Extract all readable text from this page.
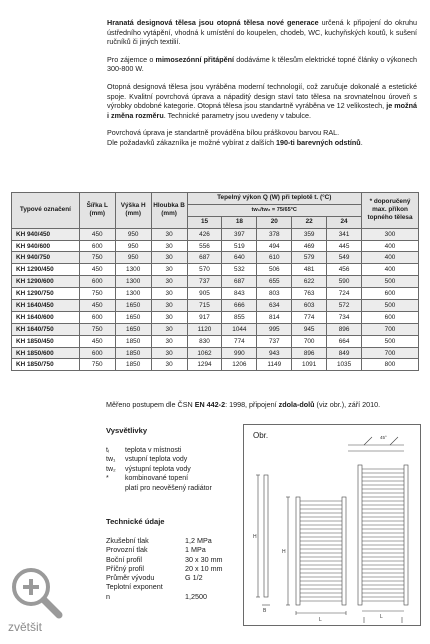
Hranatá designová tělesa jsou otopná tělesa nové generace určená k připojení do okruhu ústředního vytápění, vhodná k umístění do koupelen, chodeb, WC, kuchyňských koutů, k sušení ručníků či jiných textilií.

Pro zájemce o mimosezónní přitápění dodáváme k tělesům elektrické topné články o výkonech 300-800 W.

Otopná designová tělesa jsou vyráběna moderní technologií, což zaručuje dokonalé a estetické spoje. Kvalitní povrchová úprava a nápaditý design staví tato tělesa na srovnatelnou úroveň s výrobky obdobné kategorie. Otopná tělesa jsou standartně vyráběna ve 12 velikostech, je možná i změna rozměru. Technické parametry jsou uvedeny v tabulce.

Povrchová úprava je standartně prováděna bílou práškovou barvou RAL.
Dle požadavků zákazníka je možné vybírat z dalších 190-ti barevných odstínů.

Typové označení	Šířka L (mm)	Výška H (mm)	Hloubka B (mm)	Tepelný výkon Q (W) při teplotě t. (°C)					* doporučený max. příkon topného tělesa
				tw₁/tw₂ = 75/65°C					
				15	18	20	22	24	
KH 940/450	450	950	30	426	397	378	359	341	300
KH 940/600	600	950	30	556	519	494	469	445	400
KH 940/750	750	950	30	687	640	610	579	549	400
KH 1290/450	450	1300	30	570	532	506	481	456	400
KH 1290/600	600	1300	30	737	687	655	622	590	500
KH 1290/750	750	1300	30	905	843	803	763	724	600
KH 1640/450	450	1650	30	715	666	634	603	572	500
KH 1640/600	600	1650	30	917	855	814	774	734	600
KH 1640/750	750	1650	30	1120	1044	995	945	896	700
KH 1850/450	450	1850	30	830	774	737	700	664	500
KH 1850/600	600	1850	30	1062	990	943	896	849	700
KH 1850/750	750	1850	30	1294	1206	1149	1091	1035	800
Měřeno postupem dle ČSN EN 442-2: 1998, připojení zdola-dolů (viz obr.), září 2010.
Vysvětlivky
tᵢ	teplota v místnosti
tw₁	vstupní teplota vody
tw₂	výstupní teplota vody
*	kombinované topení
platí pro neověšený radiátor
Technické údaje
Zkušební tlak	1,2 MPa
Provozní tlak	1 MPa
Boční profil	30 x 30 mm
Příčný profil	20 x 10 mm
Průměr vývodu	G 1/2
Teplotní exponent
n	1,2500
Obr.	45°
H
B
H
L	L
zvětšit
